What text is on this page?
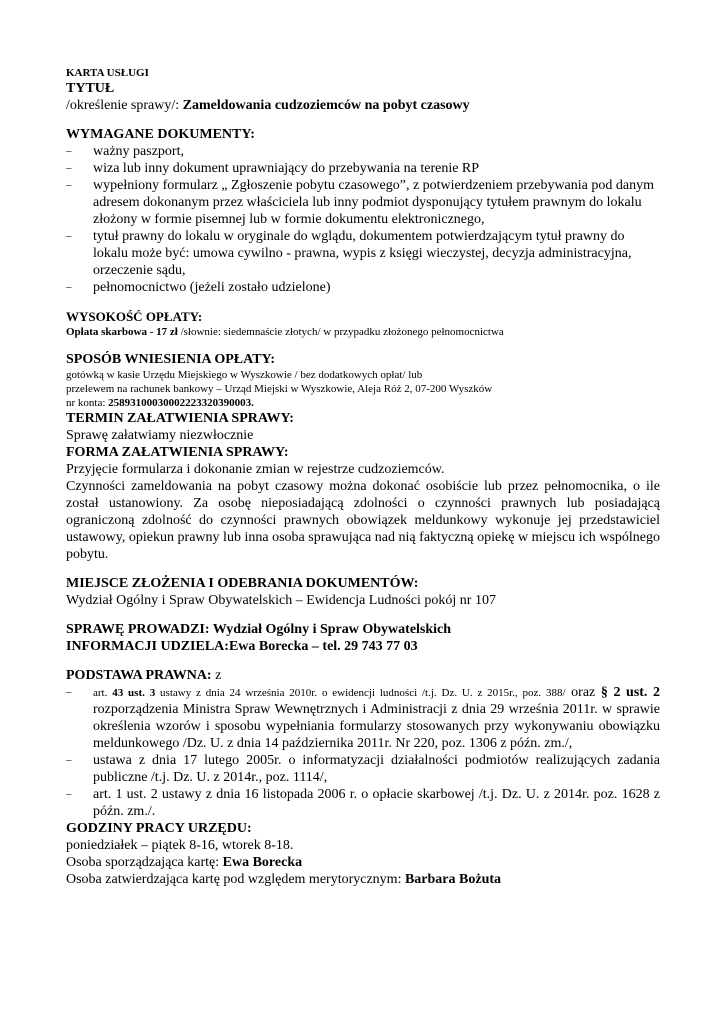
KARTA USŁUGI
TYTUŁ
/określenie sprawy/: Zameldowania cudzoziemców na pobyt czasowy
WYMAGANE DOKUMENTY:
– ważny paszport,
– wiza lub inny dokument uprawniający do przebywania na terenie RP
– wypełniony formularz „ Zgłoszenie pobytu czasowego”, z potwierdzeniem przebywania pod danym adresem dokonanym przez właściciela lub inny podmiot dysponujący tytułem prawnym do lokalu złożony w formie pisemnej lub w formie dokumentu elektronicznego,
– tytuł prawny do lokalu w oryginale do wglądu, dokumentem potwierdzającym tytuł prawny do lokalu może być: umowa cywilno - prawna, wypis z księgi wieczystej, decyzja administracyjna, orzeczenie sądu,
– pełnomocnictwo (jeżeli zostało udzielone)
WYSOKOŚĆ OPŁATY:
Opłata skarbowa - 17 zł /słownie: siedemnaście złotych/ w przypadku złożonego pełnomocnictwa
SPOSÓB WNIESIENIA OPŁATY:
gotówką w kasie Urzędu Miejskiego w Wyszkowie / bez dodatkowych opłat/ lub
przelewem na rachunek bankowy – Urząd Miejski w Wyszkowie, Aleja Róż 2, 07-200 Wyszków
nr konta: 25893100030002223320390003.
TERMIN ZAŁATWIENIA SPRAWY:
Sprawę załatwiamy niezwłocznie
FORMA ZAŁATWIENIA SPRAWY:
Przyjęcie formularza i dokonanie zmian w rejestrze cudzoziemców.
Czynności zameldowania na pobyt czasowy można dokonać osobiście lub przez pełnomocnika, o ile został ustanowiony. Za osobę nieposiadającą zdolności o czynności prawnych lub posiadającą ograniczoną zdolność do czynności prawnych obowiązek meldunkowy wykonuje jej przedstawiciel ustawowy, opiekun prawny lub inna osoba sprawująca nad nią faktyczną opiekę w miejscu ich wspólnego pobytu.
MIEJSCE ZŁOŻENIA I ODEBRANIA DOKUMENTÓW:
Wydział Ogólny i Spraw Obywatelskich – Ewidencja Ludności pokój nr 107
SPRAWĘ PROWADZI: Wydział Ogólny i Spraw Obywatelskich
INFORMACJI UDZIELA:Ewa Borecka – tel. 29 743 77 03
PODSTAWA PRAWNA: z
– art. 43 ust. 3 ustawy z dnia 24 września 2010r. o ewidencji ludności /t.j. Dz. U. z 2015r., poz. 388/ oraz § 2 ust. 2 rozporządzenia Ministra Spraw Wewnętrznych i Administracji z dnia 29 września 2011r. w sprawie określenia wzorów i sposobu wypełniania formularzy stosowanych przy wykonywaniu obowiązku meldunkowego /Dz. U. z dnia 14 października 2011r. Nr 220, poz. 1306 z późn. zm./,
– ustawa z dnia 17 lutego 2005r. o informatyzacji działalności podmiotów realizujących zadania publiczne /t.j. Dz. U. z 2014r., poz. 1114/,
– art. 1 ust. 2 ustawy z dnia 16 listopada 2006 r. o opłacie skarbowej /t.j. Dz. U. z 2014r. poz. 1628 z późn. zm./.
GODZINY PRACY URZĘDU:
poniedziałek – piątek 8-16, wtorek 8-18.
Osoba sporządzająca kartę: Ewa Borecka
Osoba zatwierdzająca kartę pod względem merytorycznym: Barbara Bożuta
